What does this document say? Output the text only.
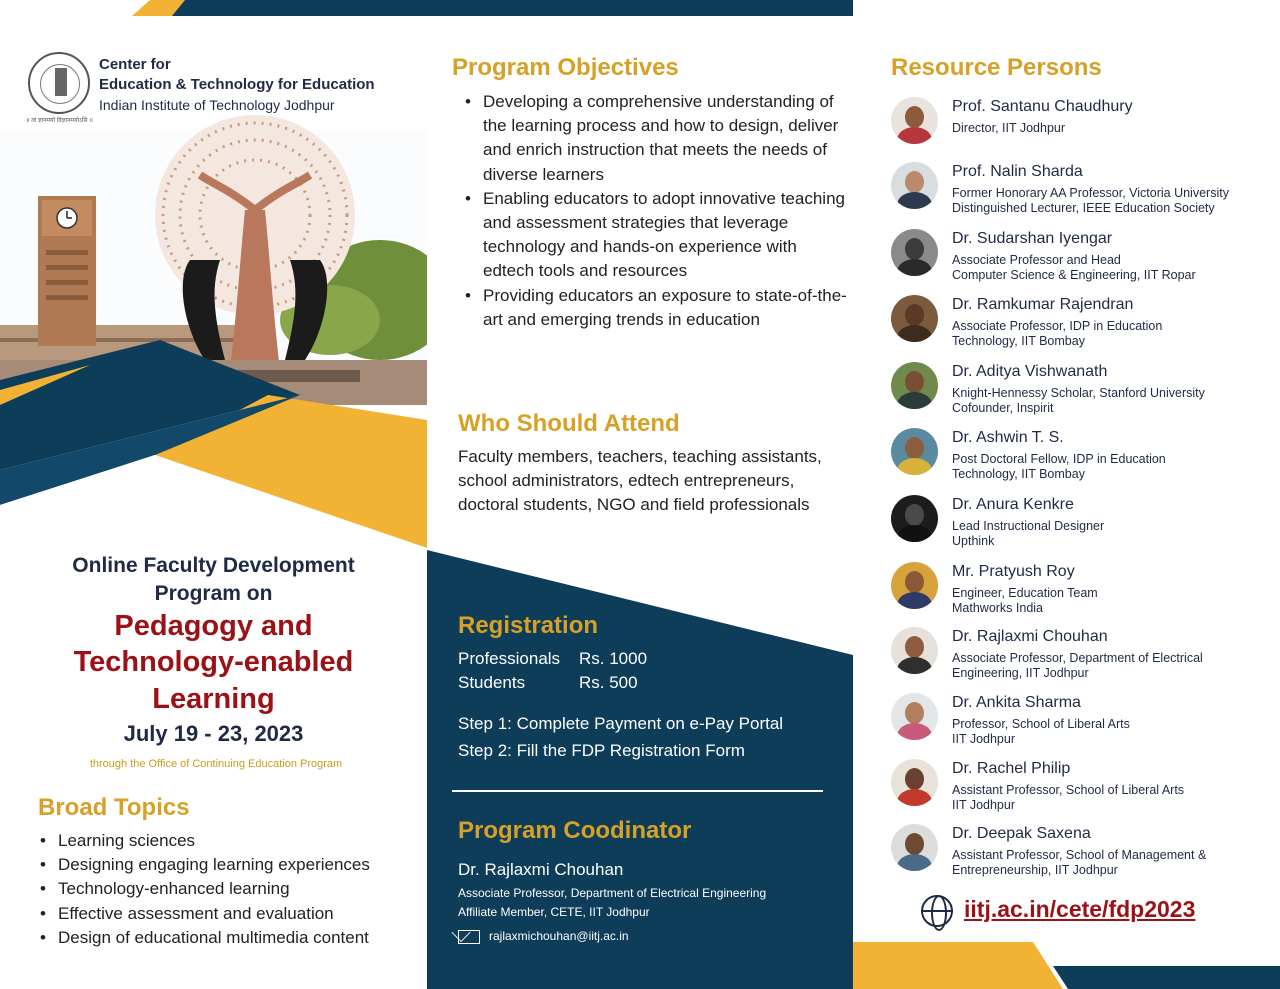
॥ त्वं ज्ञानमयो विज्ञानमयोऽसि ॥
Center for
Education & Technology for Education
Indian Institute of Technology Jodhpur
Online Faculty Development
Program on
Pedagogy and
Technology-enabled
Learning
July 19 - 23, 2023
through the Office of Continuing Education Program
Broad Topics
• Learning sciences
• Designing engaging learning experiences
• Technology-enhanced learning
• Effective assessment and evaluation
• Design of educational multimedia content
Program Objectives
• Developing a comprehensive understanding of the learning process and how to design, deliver and enrich instruction that meets the needs of diverse learners
• Enabling educators to adopt innovative teaching and assessment strategies that leverage technology and hands-on experience with edtech tools and resources
• Providing educators an exposure to state-of-the-art and emerging trends in education
Who Should Attend
Faculty members, teachers, teaching assistants, school administrators, edtech entrepreneurs, doctoral students, NGO and field professionals
Registration
Professionals Rs. 1000
Students	Rs. 500
Step 1: Complete Payment on e-Pay Portal
Step 2: Fill the FDP Registration Form
Program Coodinator
Dr. Rajlaxmi Chouhan
Associate Professor, Department of Electrical Engineering
Affiliate Member, CETE, IIT Jodhpur
rajlaxmichouhan@iitj.ac.in
Resource Persons
Prof. Santanu Chaudhury
Director, IIT Jodhpur
Prof. Nalin Sharda
Former Honorary AA Professor, Victoria University
Distinguished Lecturer, IEEE Education Society
Dr. Sudarshan Iyengar
Associate Professor and Head
Computer Science & Engineering, IIT Ropar
Dr. Ramkumar Rajendran
Associate Professor, IDP in Education
Technology, IIT Bombay
Dr. Aditya Vishwanath
Knight-Hennessy Scholar, Stanford University
Cofounder, Inspirit
Dr. Ashwin T. S.
Post Doctoral Fellow, IDP in Education
Technology, IIT Bombay
Dr. Anura Kenkre
Lead Instructional Designer
Upthink
Mr. Pratyush Roy
Engineer, Education Team
Mathworks India
Dr. Rajlaxmi Chouhan
Associate Professor, Department of Electrical
Engineering, IIT Jodhpur
Dr. Ankita Sharma
Professor, School of Liberal Arts
IIT Jodhpur
Dr. Rachel Philip
Assistant Professor, School of Liberal Arts
IIT Jodhpur
Dr. Deepak Saxena
Assistant Professor, School of Management &
Entrepreneurship, IIT Jodhpur
iitj.ac.in/cete/fdp2023
